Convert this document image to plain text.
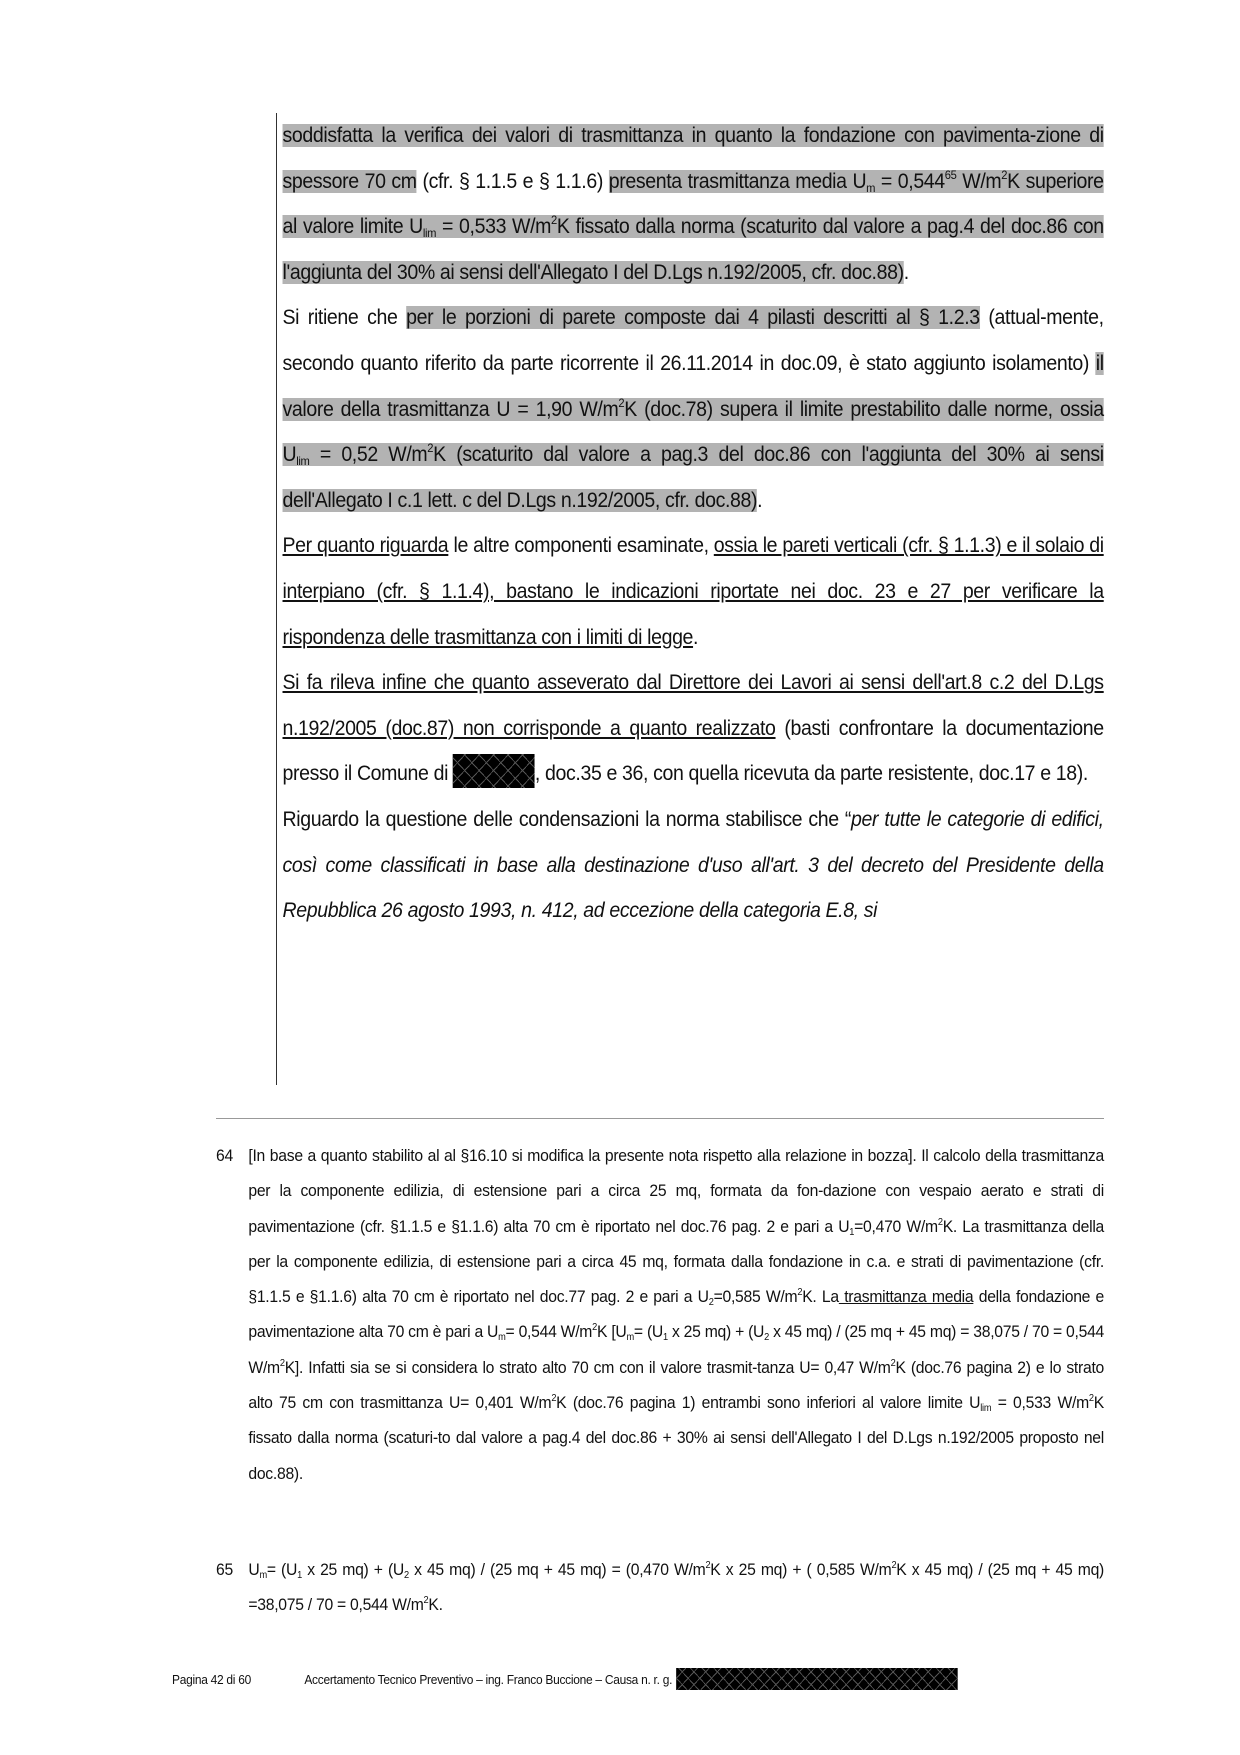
soddisfatta la verifica dei valori di trasmittanza in quanto la fondazione con pavimenta-zione di spessore 70 cm (cfr. § 1.1.5 e § 1.1.6) presenta trasmittanza media $U_m = 0,544^{65}$ $W/m^2K$ superiore al valore limite $U_{lim} = 0,533$ $W/m^2K$ fissato dalla norma (scaturito dal valore a pag.4 del doc.86 con l'aggiunta del 30% ai sensi dell'Allegato I del D.Lgs n.192/2005, cfr. doc.88).

Si ritiene che per le porzioni di parete composte dai 4 pilasti descritti al § 1.2.3 (attual-mente, secondo quanto riferito da parte ricorrente il 26.11.2014 in doc.09, è stato aggiunto isolamento) il valore della trasmittanza U = 1,90 $W/m^2K$ (doc.78) supera il limite prestabilito dalle norme, ossia $U_{lim} = 0,52$ $W/m^2K$ (scaturito dal valore a pag.3 del doc.86 con l'aggiunta del 30% ai sensi dell'Allegato I c.1 lett. c del D.Lgs n.192/2005, cfr. doc.88).

Per quanto riguarda le altre componenti esaminate, ossia le pareti verticali (cfr. § 1.1.3) e il solaio di interpiano (cfr. § 1.1.4), bastano le indicazioni riportate nei doc. 23 e 27 per verificare la rispondenza delle trasmittanza con i limiti di legge.

Si fa rileva infine che quanto asseverato dal Direttore dei Lavori ai sensi dell'art.8 c.2 del D.Lgs n.192/2005 (doc.87) non corrisponde a quanto realizzato (basti confrontare la documentazione presso il Comune di	, doc.35 e 36, con quella ricevuta da parte resistente, doc.17 e 18).

Riguardo la questione delle condensazioni la norma stabilisce che “per tutte le categorie di edifici, così come classificati in base alla destinazione d'uso all'art. 3 del decreto del Presidente della Repubblica 26 agosto 1993, n. 412, ad eccezione della categoria E.8, si

64 [In base a quanto stabilito al al §16.10 si modifica la presente nota rispetto alla relazione in bozza]. Il calcolo della trasmittanza per la componente edilizia, di estensione pari a circa 25 mq, formata da fon-dazione con vespaio aerato e strati di pavimentazione (cfr. §1.1.5 e §1.1.6) alta 70 cm è riportato nel doc.76 pag. 2 e pari a $U_1=0,470$ $W/m^2K$. La trasmittanza della per la componente edilizia, di estensione pari a circa 45 mq, formata dalla fondazione in c.a. e strati di pavimentazione (cfr. §1.1.5 e §1.1.6) alta 70 cm è riportato nel doc.77 pag. 2 e pari a $U_2=0,585$ $W/m^2K$. La trasmittanza media della fondazione e pavimentazione alta 70 cm è pari a $U_m= 0,544$ $W/m^2K$ [$U_m= (U_1$ x 25 $mq) + (U_2$ x 45 mq) / (25 mq + 45 mq) = 38,075 / 70 = 0,544 $W/m^2K$]. Infatti sia se si considera lo strato alto 70 cm con il valore trasmit-tanza U= 0,47 $W/m^2K$ (doc.76 pagina 2) e lo strato alto 75 cm con trasmittanza U= 0,401 $W/m^2K$ (doc.76 pagina 1) entrambi sono inferiori al valore limite $U_{lim} = 0,533$ $W/m^2K$ fissato dalla norma (scaturi-to dal valore a pag.4 del doc.86 + 30% ai sensi dell'Allegato I del D.Lgs n.192/2005 proposto nel doc.88).
65 $U_m= (U_1$ x 25 $mq) + (U_2$ x 45 mq) / (25 mq + 45 mq) = (0,470 $W/m^2K$ x 25 mq) + ( 0,585 $W/m^2K$ x 45 mq) / (25 mq + 45 mq) =38,075 / 70 = 0,544 $W/m^2K$.
Pagina 42 di 60	Accertamento Tecnico Preventivo – ing. Franco Buccione – Causa n. r. g.
